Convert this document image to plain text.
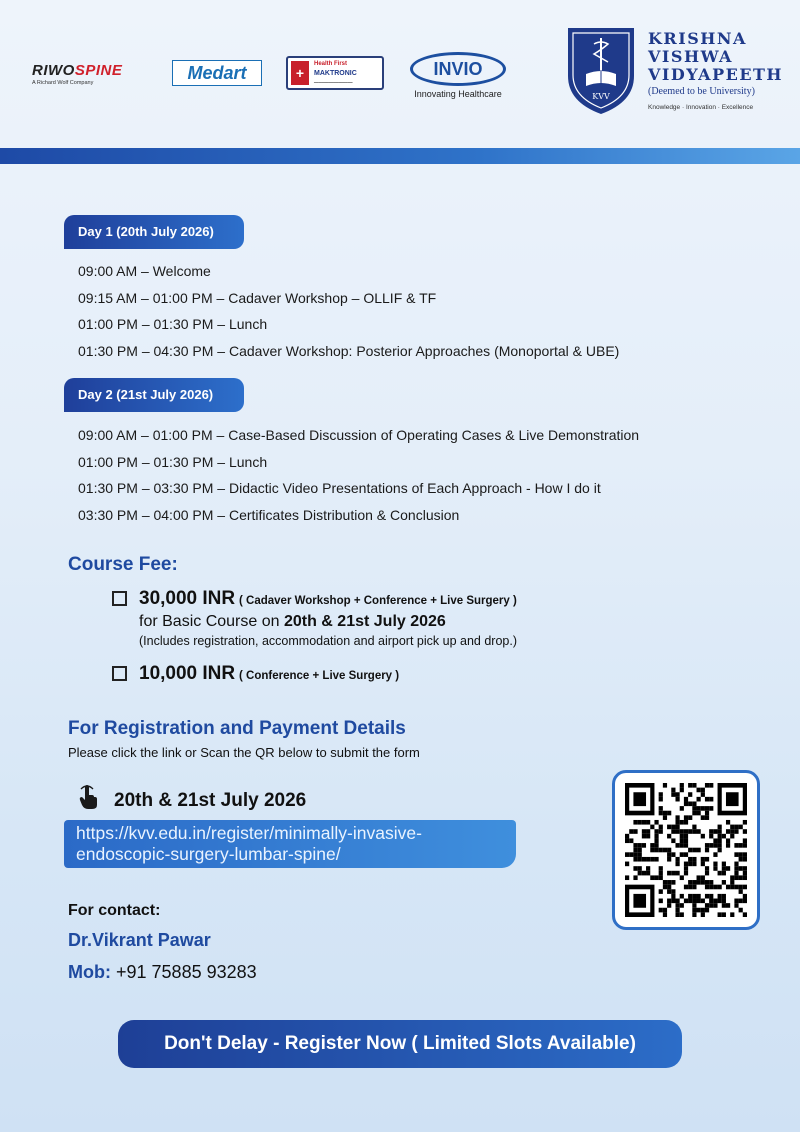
RIWOSPINE
A Richard Wolf Company	Medart	+
Health First
MAKTRONIC
━━━━━━━━━━━━━━━━
INVIO
Innovating Healthcare	KVV
KRISHNA
VISHWA
VIDYAPEETH
(Deemed to be University)
Knowledge · Innovation · Excellence
Day 1 (20th July 2026)
09:00 AM – Welcome
09:15 AM – 01:00 PM – Cadaver Workshop – OLLIF & TF
01:00 PM – 01:30 PM – Lunch
01:30 PM – 04:30 PM – Cadaver Workshop: Posterior Approaches (Monoportal & UBE)
Day 2 (21st July 2026)
09:00 AM – 01:00 PM – Case-Based Discussion of Operating Cases & Live Demonstration
01:00 PM – 01:30 PM – Lunch
01:30 PM – 03:30 PM – Didactic Video Presentations of Each Approach - How I do it
03:30 PM – 04:00 PM – Certificates Distribution & Conclusion
Course Fee:
30,000 INR ( Cadaver Workshop + Conference + Live Surgery )
for Basic Course on 20th & 21st July 2026
(Includes registration, accommodation and airport pick up and drop.)
10,000 INR ( Conference + Live Surgery )
For Registration and Payment Details
Please click the link or Scan the QR below to submit the form
20th & 21st July 2026
https://kvv.edu.in/register/minimally-invasive-endoscopic-surgery-lumbar-spine/
For contact:
Dr.Vikrant Pawar
Mob: +91 75885 93283
Don't Delay - Register Now ( Limited Slots Available)
